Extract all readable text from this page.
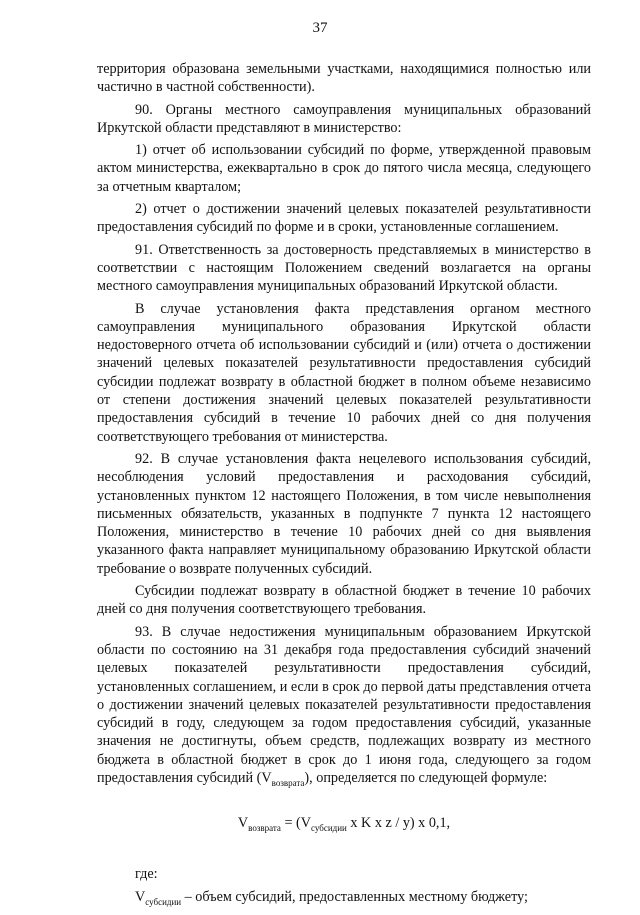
37

территория образована земельными участками, находящимися полностью или частично в частной собственности).

90. Органы местного самоуправления муниципальных образований Иркутской области представляют в министерство:

1) отчет об использовании субсидий по форме, утвержденной правовым актом министерства, ежеквартально в срок до пятого числа месяца, следующего за отчетным кварталом;

2) отчет о достижении значений целевых показателей результативности предоставления субсидий по форме и в сроки, установленные соглашением.

91. Ответственность за достоверность представляемых в министерство в соответствии с настоящим Положением сведений возлагается на органы местного самоуправления муниципальных образований Иркутской области.

В случае установления факта представления органом местного самоуправления муниципального образования Иркутской области недостоверного отчета об использовании субсидий и (или) отчета о достижении значений целевых показателей результативности предоставления субсидий субсидии подлежат возврату в областной бюджет в полном объеме независимо от степени достижения значений целевых показателей результативности предоставления субсидий в течение 10 рабочих дней со дня получения соответствующего требования от министерства.

92. В случае установления факта нецелевого использования субсидий, несоблюдения условий предоставления и расходования субсидий, установленных пунктом 12 настоящего Положения, в том числе невыполнения письменных обязательств, указанных в подпункте 7 пункта 12 настоящего Положения, министерство в течение 10 рабочих дней со дня выявления указанного факта направляет муниципальному образованию Иркутской области требование о возврате полученных субсидий.

Субсидии подлежат возврату в областной бюджет в течение 10 рабочих дней со дня получения соответствующего требования.

93. В случае недостижения муниципальным образованием Иркутской области по состоянию на 31 декабря года предоставления субсидий значений целевых показателей результативности предоставления субсидий, установленных соглашением, и если в срок до первой даты представления отчета о достижении значений целевых показателей результативности предоставления субсидий в году, следующем за годом предоставления субсидий, указанные значения не достигнуты, объем средств, подлежащих возврату из местного бюджета в областной бюджет в срок до 1 июня года, следующего за годом предоставления субсидий $(V_{возврата})$, определяется по следующей формуле:

$V_{возврата} = (V_{субсидии}$ x K x z / y) x 0,1,

где:

$V_{субсидии}$ – объем субсидий, предоставленных местному бюджету;
